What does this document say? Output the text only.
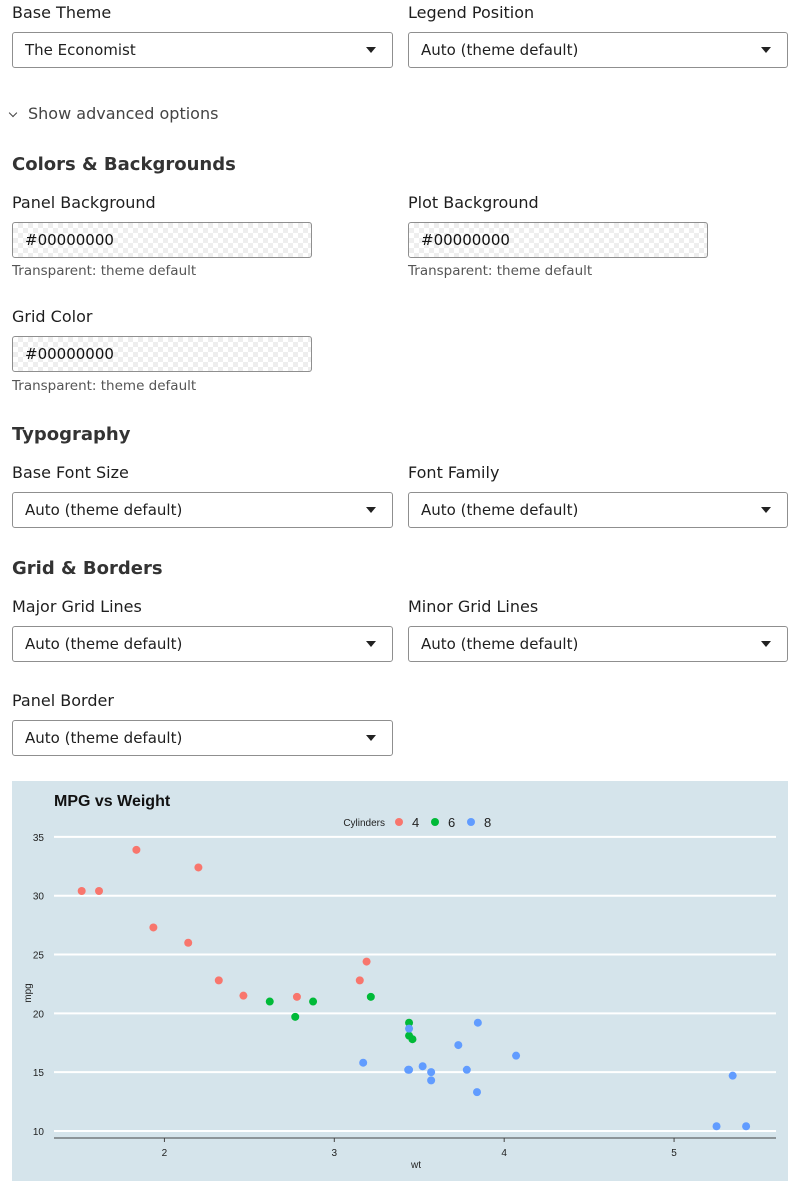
Base Theme
The Economist
Legend Position
Auto (theme default)
Show advanced options
Colors & Backgrounds
Panel Background
#00000000
Transparent: theme default
Plot Background
#00000000
Transparent: theme default
Grid Color
#00000000
Transparent: theme default
Typography
Base Font Size
Auto (theme default)
Font Family
Auto (theme default)
Grid & Borders
Major Grid Lines
Auto (theme default)
Minor Grid Lines
Auto (theme default)
Panel Border
Auto (theme default)
MPG vs Weight
Cylinders 4 6 8
10
15
20
25
30
35
2	3	4	5
wt
mpg
